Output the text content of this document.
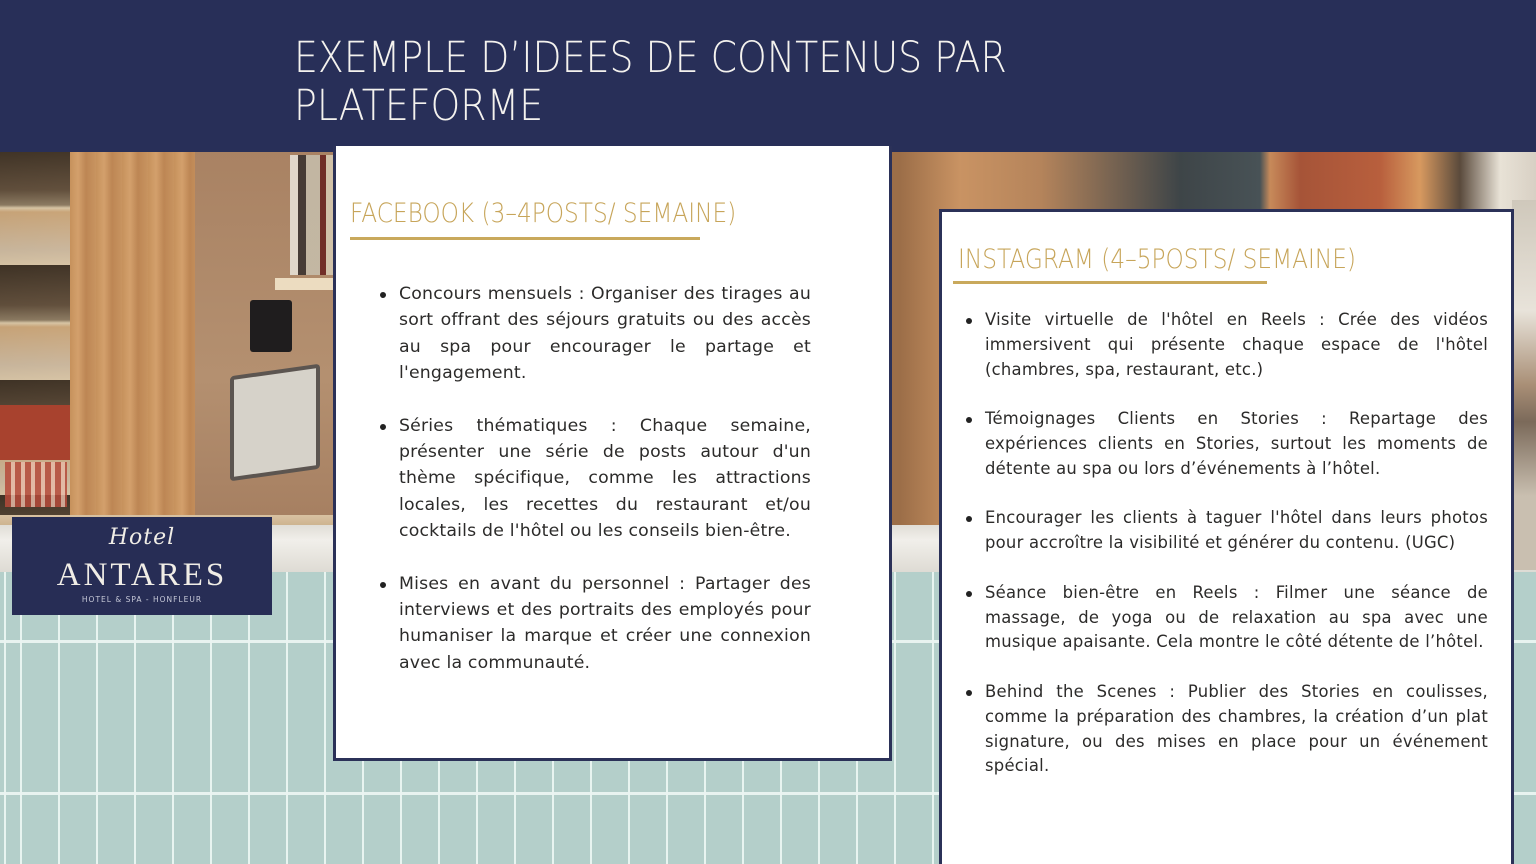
EXEMPLE D’IDEES DE CONTENUS PAR PLATEFORME
Hotel
ANTARES
HOTEL & SPA - HONFLEUR
FACEBOOK (3–4POSTS/ SEMAINE)
Concours mensuels : Organiser des tirages au sort offrant des séjours gratuits ou des accès au spa pour encourager le partage et l'engagement.
Séries thématiques : Chaque semaine, présenter une série de posts autour d'un thème spécifique, comme les attractions locales, les recettes du restaurant et/ou cocktails de l'hôtel ou les conseils bien-être.
Mises en avant du personnel : Partager des interviews et des portraits des employés pour humaniser la marque et créer une connexion avec la communauté.
INSTAGRAM (4–5POSTS/ SEMAINE)
Visite virtuelle de l'hôtel en Reels : Crée des vidéos immersivent qui présente chaque espace de l'hôtel (chambres, spa, restaurant, etc.)
Témoignages Clients en Stories : Repartage des expériences clients en Stories, surtout les moments de détente au spa ou lors d’événements à l’hôtel.
Encourager les clients à taguer l'hôtel dans leurs photos pour accroître la visibilité et générer du contenu. (UGC)
Séance bien-être en Reels : Filmer une séance de massage, de yoga ou de relaxation au spa avec une musique apaisante. Cela montre le côté détente de l’hôtel.
Behind the Scenes : Publier des Stories en coulisses, comme la préparation des chambres, la création d’un plat signature, ou des mises en place pour un événement spécial.
